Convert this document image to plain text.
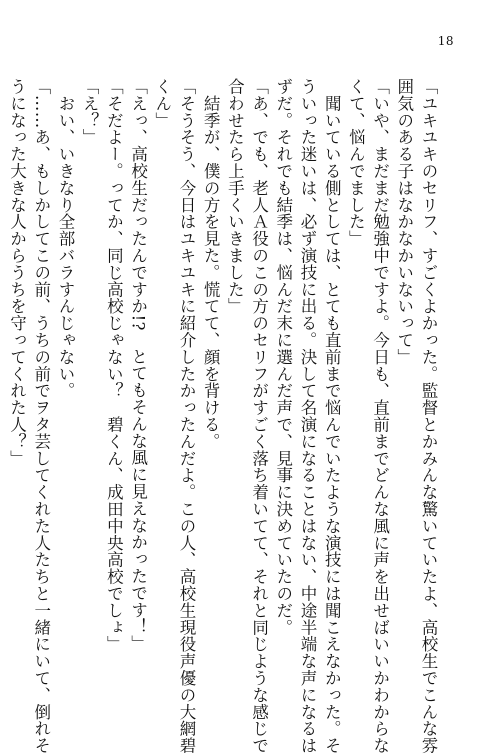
18
「ユキユキのセリフ、すごくよかった。監督とかみんな驚いていたよ、高校生でこんな雰
囲気のある子はなかなかいないって」
「いや、まだまだ勉強中ですよ。今日も、直前までどんな風に声を出せばいいかわからな
くて、悩んでました」
　聞いている側としては、とても直前まで悩んでいたような演技には聞こえなかった。そ
ういった迷いは、必ず演技に出る。決して名演になることはない、中途半端な声になるは
ずだ。それでも結季は、悩んだ末に選んだ声で、見事に決めていたのだ。
「あ、でも、老人Ａ役のこの方のセリフがすごく落ち着いてて、それと同じような感じで
合わせたら上手くいきました」
　結季が、僕の方を見た。慌てて、顔を背ける。
「そうそう、今日はユキユキに紹介したかったんだよ。この人、高校生現役声優の大網碧
くん」
「えっ、高校生だったんですか!?　とてもそんな風に見えなかったです！」
「そだよー。ってか、同じ高校じゃない？　碧くん、成田中央高校でしょ」
「え？」
　おい、いきなり全部バラすんじゃない。
「……あ、もしかしてこの前、うちの前でヲタ芸してくれた人たちと一緒にいて、倒れそ
うになった大きな人からうちを守ってくれた人？」
